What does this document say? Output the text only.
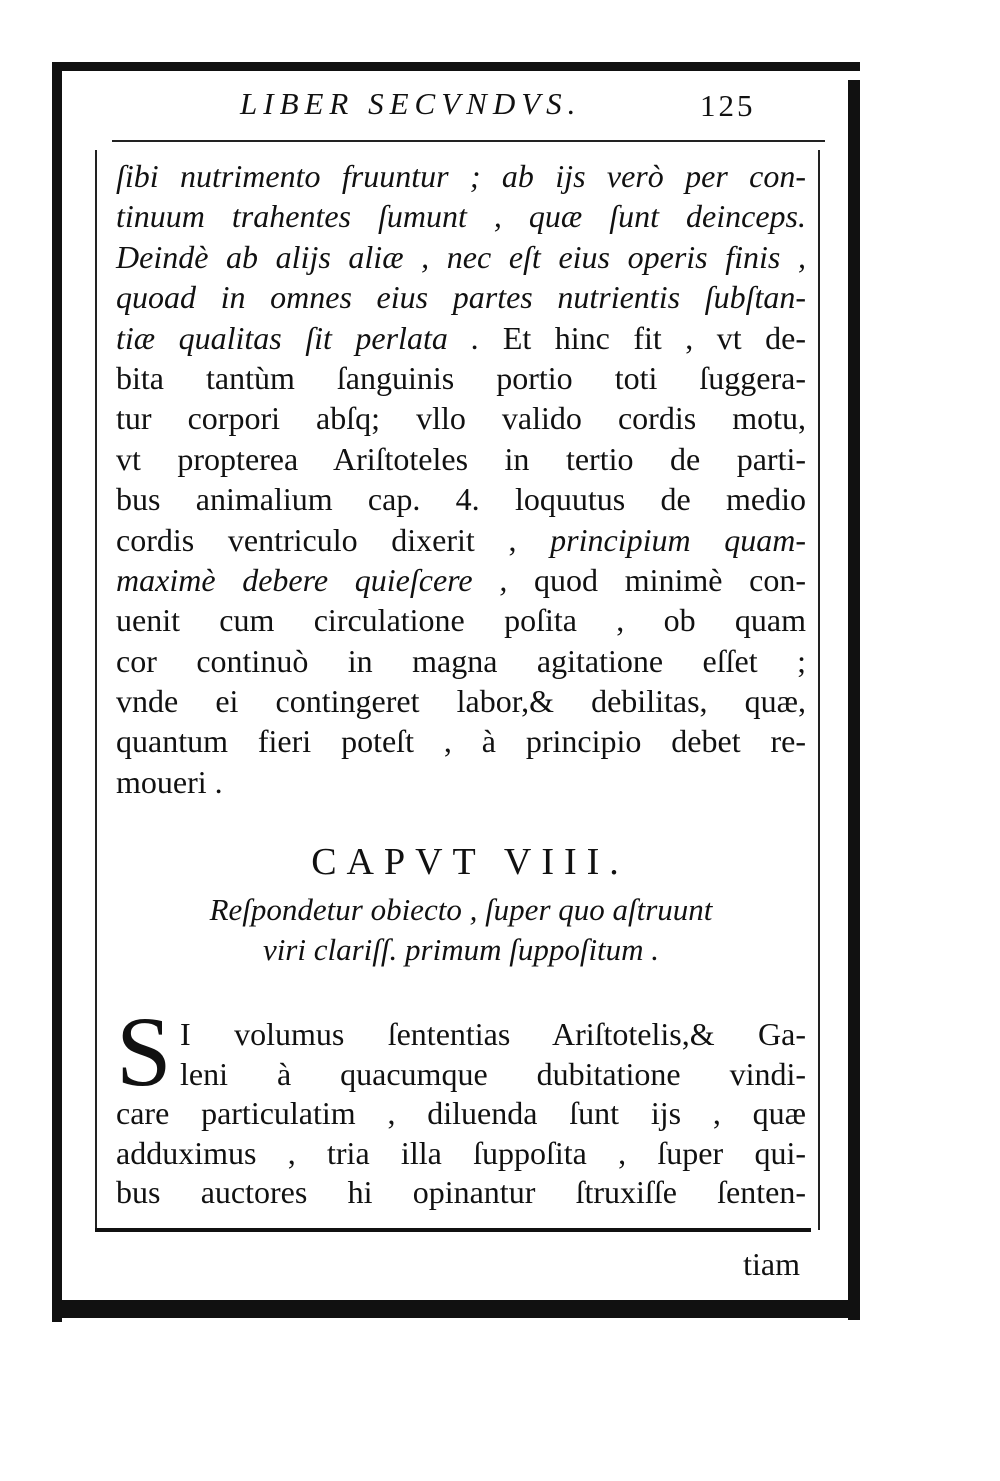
LIBER SECVNDVS.	125
ſibi nutrimento fruuntur ; ab ijs verò per con-
tinuum trahentes ſumunt , quæ ſunt deinceps.
Deindè ab alijs aliæ , nec eſt eius operis finis ,
quoad in omnes eius partes nutrientis ſubſtan-
tiæ qualitas ſit perlata . Et hinc fit , vt de-
bita tantùm ſanguinis portio toti ſuggera-
tur corpori abſq; vllo valido cordis motu,
vt propterea Ariſtoteles in tertio de parti-
bus animalium cap. 4. loquutus de medio
cordis ventriculo dixerit , principium quam-
maximè debere quieſcere , quod minimè con-
uenit cum circulatione poſita , ob quam
cor continuò in magna agitatione eſſet ;
vnde ei contingeret labor,& debilitas, quæ,
quantum fieri poteſt , à principio debet re-
moueri .
CAPVT VIII.
Reſpondetur obiecto , ſuper quo aſtruunt
viri clariſſ. primum ſuppoſitum .
S I volumus ſententias Ariſtotelis,& Ga-
leni à quacumque dubitatione vindi-
care particulatim , diluenda ſunt ijs , quæ
adduximus , tria illa ſuppoſita , ſuper qui-
bus auctores hi opinantur ſtruxiſſe ſenten-
tiam
